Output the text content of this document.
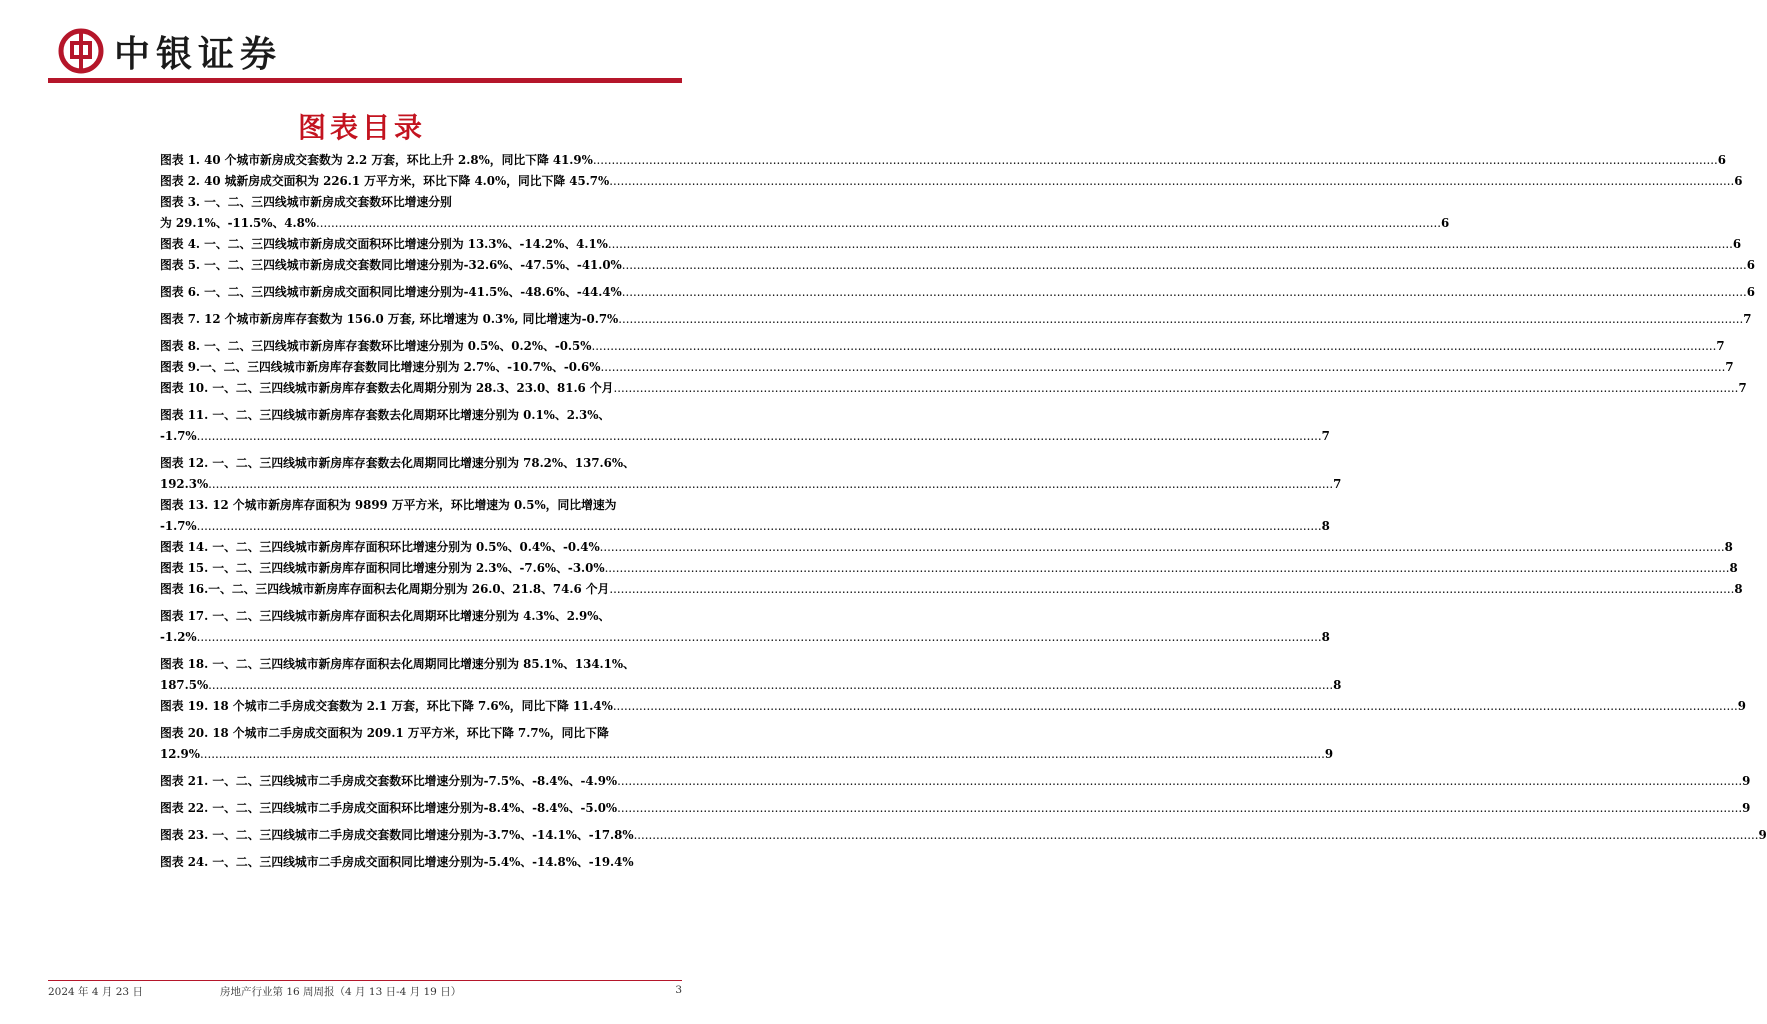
中银证券
图表目录
图表 1. 40 个城市新房成交套数为 2.2 万套，环比上升 2.8%，同比下降 41.9% ............................................................................................................................................................................................................................................................................................................ 6
图表 2. 40 城新房成交面积为 226.1 万平方米，环比下降 4.0%，同比下降 45.7% ............................................................................................................................................................................................................................................................................................................ 6
图表 3. 一、二、三四线城市新房成交套数环比增速分别
为 29.1%、-11.5%、4.8% ............................................................................................................................................................................................................................................................................................................ 6
图表 4. 一、二、三四线城市新房成交面积环比增速分别为 13.3%、-14.2%、4.1% ............................................................................................................................................................................................................................................................................................................ 6
图表 5. 一、二、三四线城市新房成交套数同比增速分别为-32.6%、-47.5%、-41.0% ............................................................................................................................................................................................................................................................................................................ 6
图表 6. 一、二、三四线城市新房成交面积同比增速分别为-41.5%、-48.6%、-44.4% ............................................................................................................................................................................................................................................................................................................ 6
图表 7. 12 个城市新房库存套数为 156.0 万套, 环比增速为 0.3%, 同比增速为-0.7% ............................................................................................................................................................................................................................................................................................................ 7
图表 8. 一、二、三四线城市新房库存套数环比增速分别为 0.5%、0.2%、-0.5% ............................................................................................................................................................................................................................................................................................................ 7
图表 9.一、二、三四线城市新房库存套数同比增速分别为 2.7%、-10.7%、-0.6% ............................................................................................................................................................................................................................................................................................................ 7
图表 10. 一、二、三四线城市新房库存套数去化周期分别为 28.3、23.0、81.6 个月 ............................................................................................................................................................................................................................................................................................................ 7
图表 11. 一、二、三四线城市新房库存套数去化周期环比增速分别为 0.1%、2.3%、
-1.7% ............................................................................................................................................................................................................................................................................................................ 7
图表 12. 一、二、三四线城市新房库存套数去化周期同比增速分别为 78.2%、137.6%、
192.3% ............................................................................................................................................................................................................................................................................................................ 7
图表 13. 12 个城市新房库存面积为 9899 万平方米，环比增速为 0.5%，同比增速为
-1.7% ............................................................................................................................................................................................................................................................................................................ 8
图表 14. 一、二、三四线城市新房库存面积环比增速分别为 0.5%、0.4%、-0.4% ............................................................................................................................................................................................................................................................................................................ 8
图表 15. 一、二、三四线城市新房库存面积同比增速分别为 2.3%、-7.6%、-3.0% ............................................................................................................................................................................................................................................................................................................ 8
图表 16.一、二、三四线城市新房库存面积去化周期分别为 26.0、21.8、74.6 个月 ............................................................................................................................................................................................................................................................................................................ 8
图表 17. 一、二、三四线城市新房库存面积去化周期环比增速分别为 4.3%、2.9%、
-1.2% ............................................................................................................................................................................................................................................................................................................ 8
图表 18. 一、二、三四线城市新房库存面积去化周期同比增速分别为 85.1%、134.1%、
187.5% ............................................................................................................................................................................................................................................................................................................ 8
图表 19. 18 个城市二手房成交套数为 2.1 万套，环比下降 7.6%，同比下降 11.4% ............................................................................................................................................................................................................................................................................................................ 9
图表 20. 18 个城市二手房成交面积为 209.1 万平方米，环比下降 7.7%，同比下降
12.9% ............................................................................................................................................................................................................................................................................................................ 9
图表 21. 一、二、三四线城市二手房成交套数环比增速分别为-7.5%、-8.4%、-4.9% ............................................................................................................................................................................................................................................................................................................ 9
图表 22. 一、二、三四线城市二手房成交面积环比增速分别为-8.4%、-8.4%、-5.0% ............................................................................................................................................................................................................................................................................................................ 9
图表 23. 一、二、三四线城市二手房成交套数同比增速分别为-3.7%、-14.1%、-17.8% ............................................................................................................................................................................................................................................................................................................ 9
图表 24. 一、二、三四线城市二手房成交面积同比增速分别为-5.4%、-14.8%、-19.4%
2024 年 4 月 23 日	房地产行业第 16 周周报（4 月 13 日-4 月 19 日）	3
